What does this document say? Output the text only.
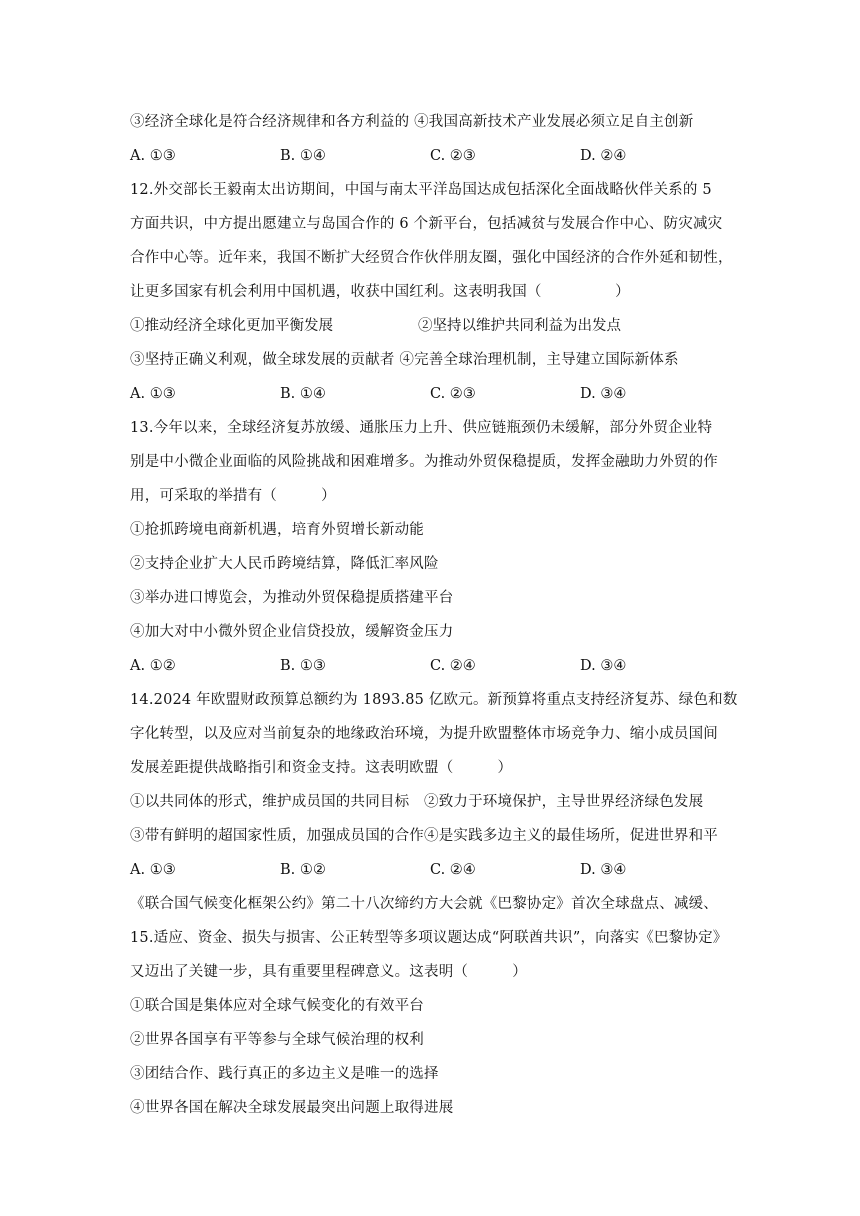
③经济全球化是符合经济规律和各方利益的 ④我国高新技术产业发展必须立足自主创新
A. ①③	B. ①④	C. ②③	D. ②④
12.外交部长王毅南太出访期间，中国与南太平洋岛国达成包括深化全面战略伙伴关系的 5
方面共识，中方提出愿建立与岛国合作的 6 个新平台，包括减贫与发展合作中心、防灾减灾
合作中心等。近年来，我国不断扩大经贸合作伙伴朋友圈，强化中国经济的合作外延和韧性，
让更多国家有机会利用中国机遇，收获中国红利。这表明我国（　　　　　）
①推动经济全球化更加平衡发展	②坚持以维护共同利益为出发点
③坚持正确义利观，做全球发展的贡献者 ④完善全球治理机制，主导建立国际新体系
A. ①③	B. ①④	C. ②③	D. ③④
13.今年以来，全球经济复苏放缓、通胀压力上升、供应链瓶颈仍未缓解，部分外贸企业特
别是中小微企业面临的风险挑战和困难增多。为推动外贸保稳提质，发挥金融助力外贸的作
用，可采取的举措有（　　　）
①抢抓跨境电商新机遇，培育外贸增长新动能
②支持企业扩大人民币跨境结算，降低汇率风险
③举办进口博览会，为推动外贸保稳提质搭建平台
④加大对中小微外贸企业信贷投放，缓解资金压力
A. ①②	B. ①③	C. ②④	D. ③④
14.2024 年欧盟财政预算总额约为 1893.85 亿欧元。新预算将重点支持经济复苏、绿色和数
字化转型，以及应对当前复杂的地缘政治环境，为提升欧盟整体市场竞争力、缩小成员国间
发展差距提供战略指引和资金支持。这表明欧盟（　　　）
①以共同体的形式，维护成员国的共同目标　②致力于环境保护，主导世界经济绿色发展
③带有鲜明的超国家性质，加强成员国的合作④是实践多边主义的最佳场所，促进世界和平
A. ①③	B. ①②	C. ②④	D. ③④
《联合国气候变化框架公约》第二十八次缔约方大会就《巴黎协定》首次全球盘点、减缓、
15.适应、资金、损失与损害、公正转型等多项议题达成“阿联酋共识”，向落实《巴黎协定》
又迈出了关键一步，具有重要里程碑意义。这表明（　　　）
①联合国是集体应对全球气候变化的有效平台
②世界各国享有平等参与全球气候治理的权利
③团结合作、践行真正的多边主义是唯一的选择
④世界各国在解决全球发展最突出问题上取得进展
